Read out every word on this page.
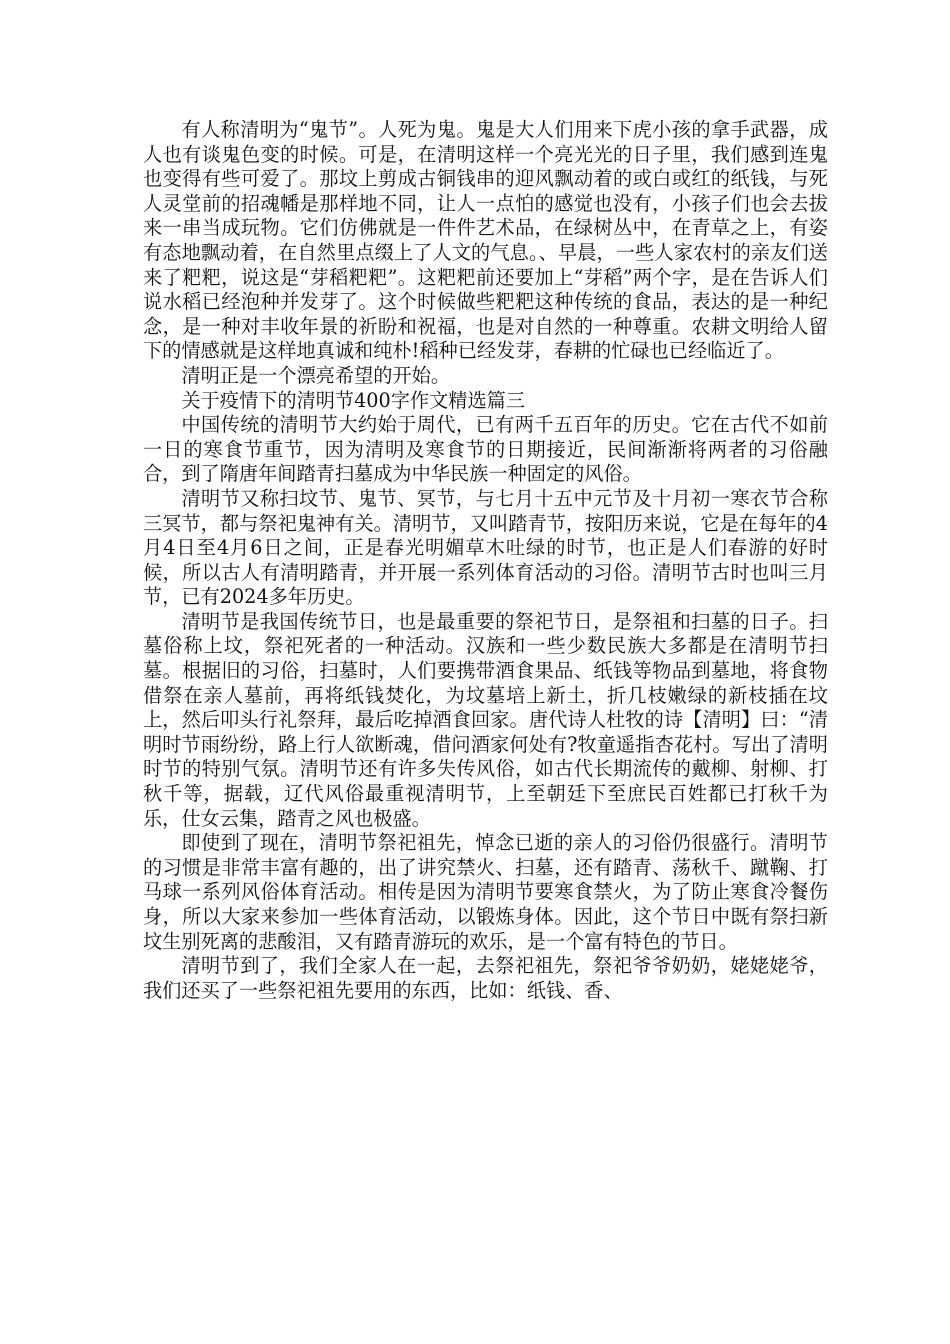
有人称清明为“鬼节”。人死为鬼。鬼是大人们用来下虎小孩的拿手武器，成人也有谈鬼色变的时候。可是，在清明这样一个亮光光的日子里，我们感到连鬼也变得有些可爱了。那坟上剪成古铜钱串的迎风飘动着的或白或红的纸钱，与死人灵堂前的招魂幡是那样地不同，让人一点怕的感觉也没有，小孩子们也会去拔来一串当成玩物。它们仿佛就是一件件艺术品，在绿树丛中，在青草之上，有姿有态地飘动着，在自然里点缀上了人文的气息。、早晨，一些人家农村的亲友们送来了粑粑，说这是“芽稻粑粑”。这粑粑前还要加上“芽稻”两个字，是在告诉人们说水稻已经泡种并发芽了。这个时候做些粑粑这种传统的食品，表达的是一种纪念，是一种对丰收年景的祈盼和祝福，也是对自然的一种尊重。农耕文明给人留下的情感就是这样地真诚和纯朴!稻种已经发芽，春耕的忙碌也已经临近了。

清明正是一个漂亮希望的开始。

关于疫情下的清明节400字作文精选篇三

中国传统的清明节大约始于周代，已有两千五百年的历史。它在古代不如前一日的寒食节重节，因为清明及寒食节的日期接近，民间渐渐将两者的习俗融合，到了隋唐年间踏青扫墓成为中华民族一种固定的风俗。

清明节又称扫坟节、鬼节、冥节，与七月十五中元节及十月初一寒衣节合称三冥节，都与祭祀鬼神有关。清明节，又叫踏青节，按阳历来说，它是在每年的4月4日至4月6日之间，正是春光明媚草木吐绿的时节，也正是人们春游的好时候，所以古人有清明踏青，并开展一系列体育活动的习俗。清明节古时也叫三月节，已有2024多年历史。

清明节是我国传统节日，也是最重要的祭祀节日，是祭祖和扫墓的日子。扫墓俗称上坟，祭祀死者的一种活动。汉族和一些少数民族大多都是在清明节扫墓。根据旧的习俗，扫墓时，人们要携带酒食果品、纸钱等物品到墓地，将食物借祭在亲人墓前，再将纸钱焚化，为坟墓培上新土，折几枝嫩绿的新枝插在坟上，然后叩头行礼祭拜，最后吃掉酒食回家。唐代诗人杜牧的诗【清明】曰：“清明时节雨纷纷，路上行人欲断魂，借问酒家何处有?牧童遥指杏花村。写出了清明时节的特别气氛。清明节还有许多失传风俗，如古代长期流传的戴柳、射柳、打秋千等，据载，辽代风俗最重视清明节，上至朝廷下至庶民百姓都已打秋千为乐，仕女云集，踏青之风也极盛。

即使到了现在，清明节祭祀祖先，悼念已逝的亲人的习俗仍很盛行。清明节的习惯是非常丰富有趣的，出了讲究禁火、扫墓，还有踏青、荡秋千、蹴鞠、打马球一系列风俗体育活动。相传是因为清明节要寒食禁火，为了防止寒食冷餐伤身，所以大家来参加一些体育活动，以锻炼身体。因此，这个节日中既有祭扫新坟生别死离的悲酸泪，又有踏青游玩的欢乐，是一个富有特色的节日。

清明节到了，我们全家人在一起，去祭祀祖先，祭祀爷爷奶奶，姥姥姥爷，我们还买了一些祭祀祖先要用的东西，比如：纸钱、香、
